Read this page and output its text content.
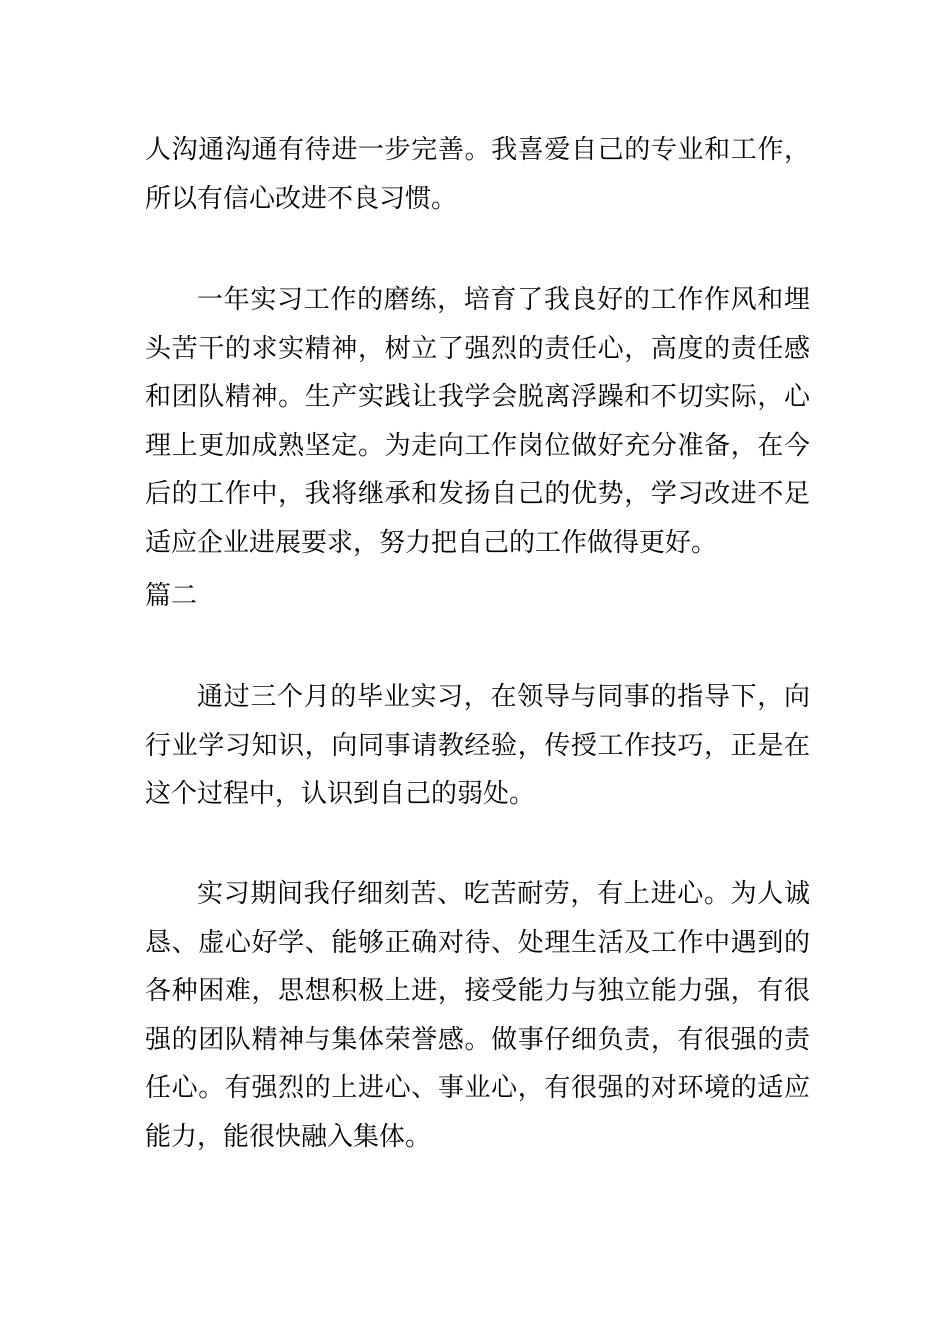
人沟通沟通有待进一步完善。我喜爱自己的专业和工作，所以有信心改进不良习惯。

一年实习工作的磨练，培育了我良好的工作作风和埋头苦干的求实精神，树立了强烈的责任心，高度的责任感和团队精神。生产实践让我学会脱离浮躁和不切实际，心理上更加成熟坚定。为走向工作岗位做好充分准备，在今后的工作中，我将继承和发扬自己的优势，学习改进不足适应企业进展要求，努力把自己的工作做得更好。

篇二

通过三个月的毕业实习，在领导与同事的指导下，向行业学习知识，向同事请教经验，传授工作技巧，正是在这个过程中，认识到自己的弱处。

实习期间我仔细刻苦、吃苦耐劳，有上进心。为人诚恳、虚心好学、能够正确对待、处理生活及工作中遇到的各种困难，思想积极上进，接受能力与独立能力强，有很强的团队精神与集体荣誉感。做事仔细负责，有很强的责任心。有强烈的上进心、事业心，有很强的对环境的适应能力，能很快融入集体。
